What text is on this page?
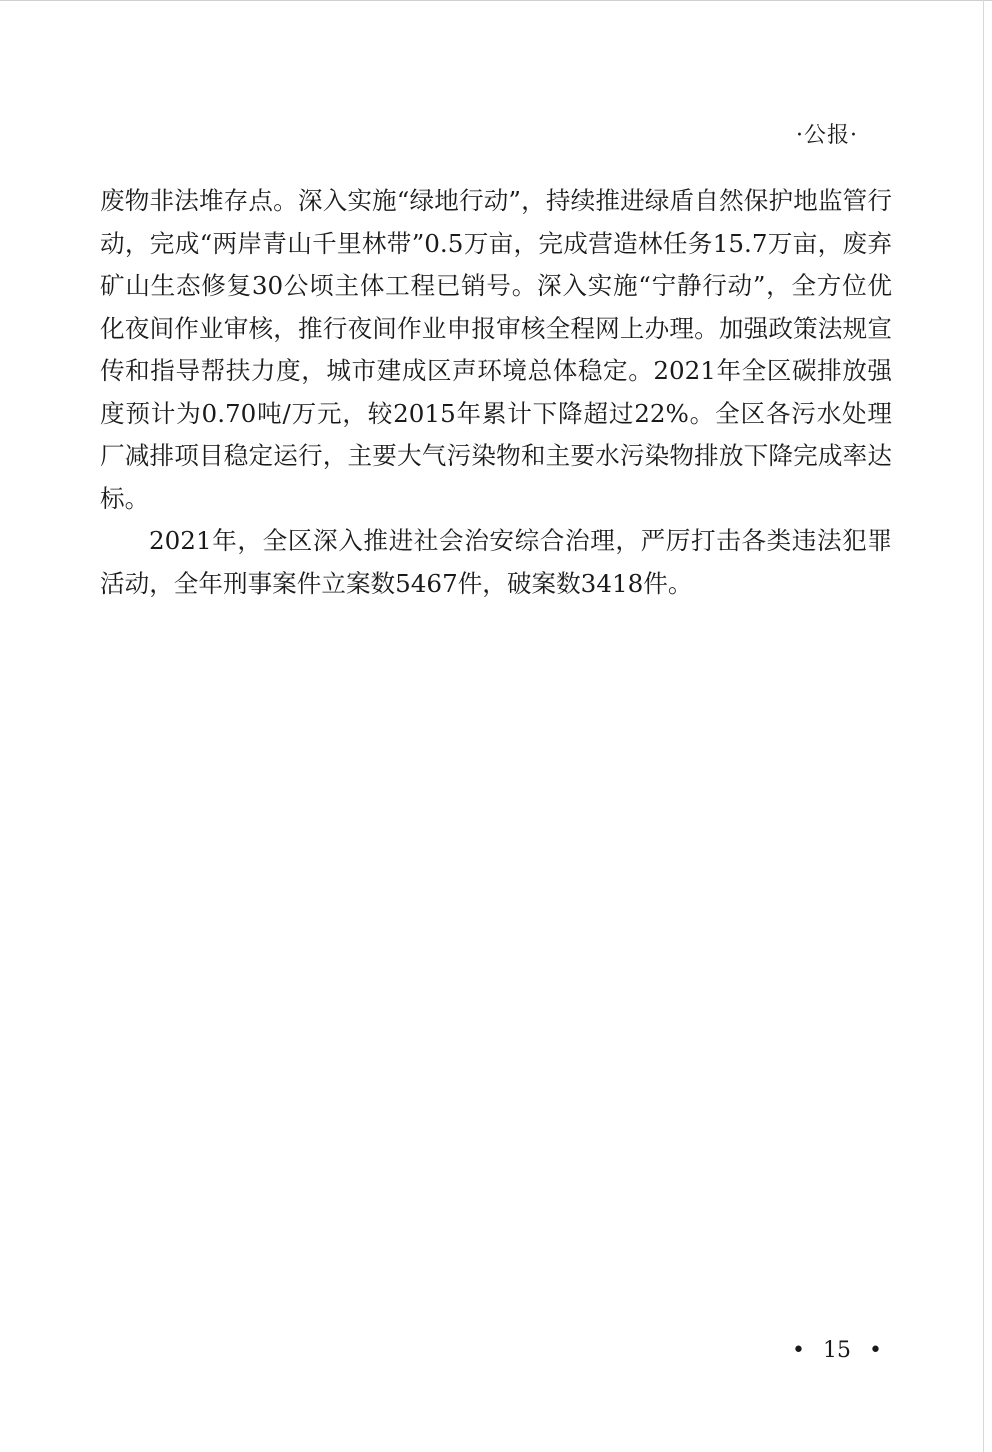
·公报·

废物非法堆存点。深入实施“绿地行动”，持续推进绿盾自然保护地监管行动，完成“两岸青山千里林带”0.5万亩，完成营造林任务15.7万亩，废弃矿山生态修复30公顷主体工程已销号。深入实施“宁静行动”，全方位优化夜间作业审核，推行夜间作业申报审核全程网上办理。加强政策法规宣传和指导帮扶力度，城市建成区声环境总体稳定。2021年全区碳排放强度预计为0.70吨/万元，较2015年累计下降超过22%。全区各污水处理厂减排项目稳定运行，主要大气污染物和主要水污染物排放下降完成率达标。

2021年，全区深入推进社会治安综合治理，严厉打击各类违法犯罪活动，全年刑事案件立案数5467件，破案数3418件。

• 15 •
